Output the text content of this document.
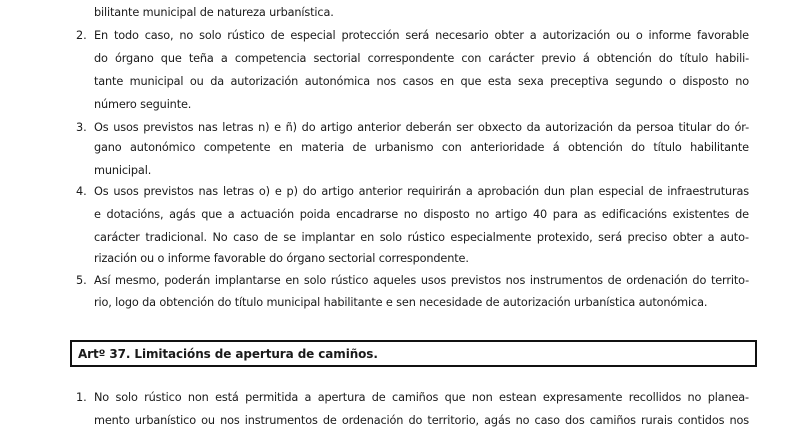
bilitante municipal de natureza urbanística.
2. En todo caso, no solo rústico de especial protección será necesario obter a autorización ou o informe favorable
do órgano que teña a competencia sectorial correspondente con carácter previo á obtención do título habili-
tante municipal ou da autorización autonómica nos casos en que esta sexa preceptiva segundo o disposto no
número seguinte.
3. Os usos previstos nas letras n) e ñ) do artigo anterior deberán ser obxecto da autorización da persoa titular do ór-
gano autonómico competente en materia de urbanismo con anterioridade á obtención do título habilitante
municipal.
4. Os usos previstos nas letras o) e p) do artigo anterior requirirán a aprobación dun plan especial de infraestruturas
e dotacións, agás que a actuación poida encadrarse no disposto no artigo 40 para as edificacións existentes de
carácter tradicional. No caso de se implantar en solo rústico especialmente protexido, será preciso obter a auto-
rización ou o informe favorable do órgano sectorial correspondente.
5. Así mesmo, poderán implantarse en solo rústico aqueles usos previstos nos instrumentos de ordenación do territo-
rio, logo da obtención do título municipal habilitante e sen necesidade de autorización urbanística autonómica.
Artº 37. Limitacións de apertura de camiños.
1. No solo rústico non está permitida a apertura de camiños que non estean expresamente recollidos no planea-
mento urbanístico ou nos instrumentos de ordenación do territorio, agás no caso dos camiños rurais contidos nos
